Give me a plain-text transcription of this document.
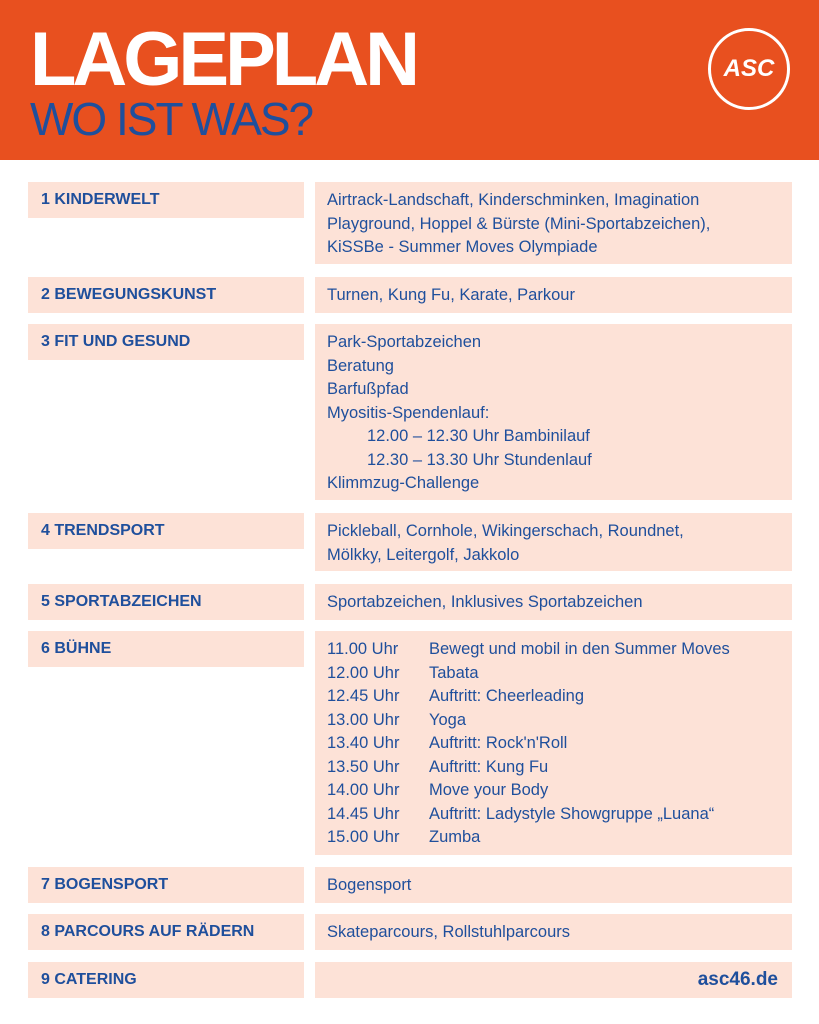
LAGEPLAN
WO IST WAS?
ASC
1 KINDERWELT	Airtrack-Landschaft, Kinderschminken, Imagination
Playground, Hoppel & Bürste (Mini-Sportabzeichen),
KiSSBe - Summer Moves Olympiade
2 BEWEGUNGSKUNST	Turnen, Kung Fu, Karate, Parkour
3 FIT UND GESUND	Park-Sportabzeichen
Beratung
Barfußpfad
Myositis-Spendenlauf:
12.00 – 12.30 Uhr Bambinilauf
12.30 – 13.30 Uhr Stundenlauf
Klimmzug-Challenge
4 TRENDSPORT	Pickleball, Cornhole, Wikingerschach, Roundnet,
Mölkky, Leitergolf, Jakkolo
5 SPORTABZEICHEN	Sportabzeichen, Inklusives Sportabzeichen
6 BÜHNE	11.00 Uhr	Bewegt und mobil in den Summer Moves
12.00 Uhr	Tabata
12.45 Uhr	Auftritt: Cheerleading
13.00 Uhr	Yoga
13.40 Uhr	Auftritt: Rock'n'Roll
13.50 Uhr	Auftritt: Kung Fu
14.00 Uhr	Move your Body
14.45 Uhr	Auftritt: Ladystyle Showgruppe „Luana“
15.00 Uhr	Zumba
7 BOGENSPORT	Bogensport
8 PARCOURS AUF RÄDERN	Skateparcours, Rollstuhlparcours
9 CATERING	asc46.de
